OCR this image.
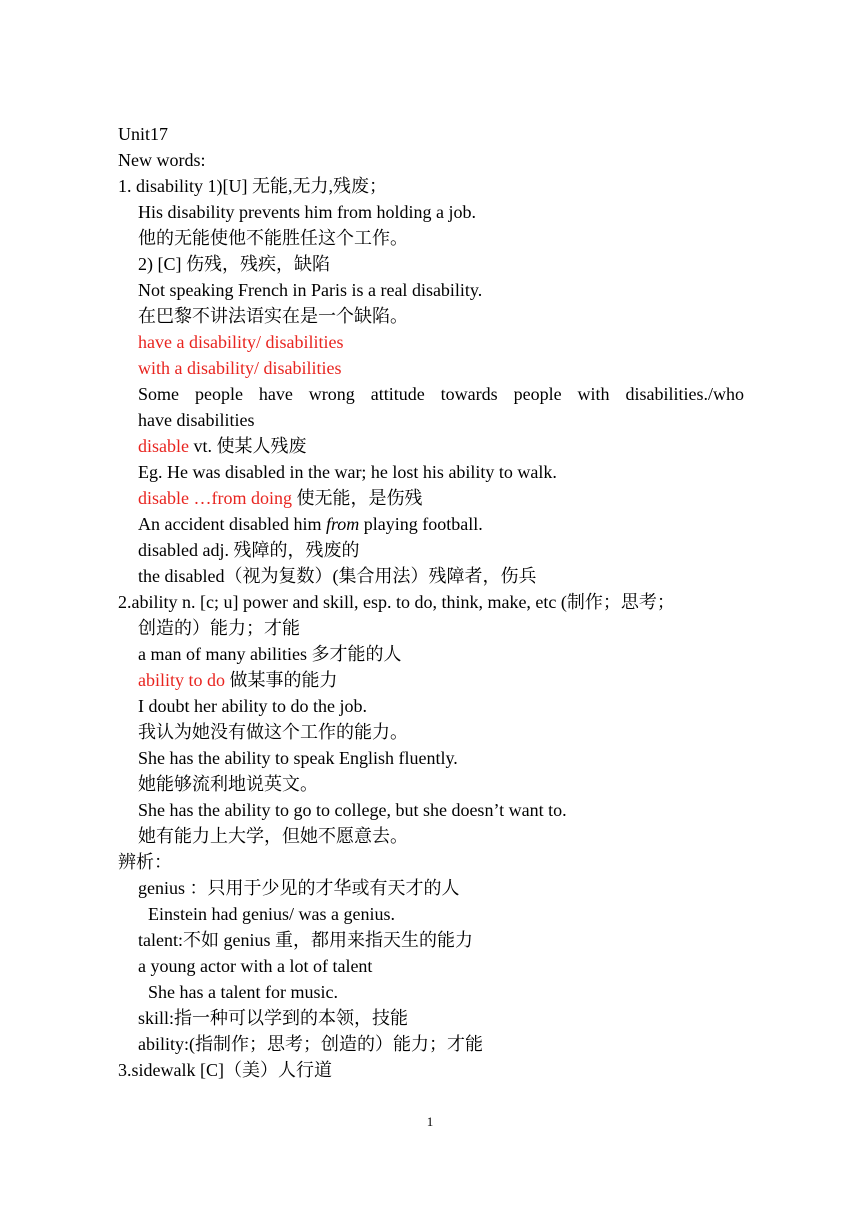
Unit17
New words:
1. disability 1)[U] 无能,无力,残废；
His disability prevents him from holding a job.
他的无能使他不能胜任这个工作。
2) [C] 伤残，残疾，缺陷
Not speaking French in Paris is a real disability.
在巴黎不讲法语实在是一个缺陷。
have a disability/ disabilities
with a disability/ disabilities
Some people have wrong attitude towards people with disabilities./who
have disabilities
disable vt. 使某人残废
Eg. He was disabled in the war; he lost his ability to walk.
disable …from doing 使无能，是伤残
An accident disabled him from playing football.
disabled adj. 残障的，残废的
the disabled（视为复数）(集合用法）残障者，伤兵
2.ability n. [c; u] power and skill, esp. to do, think, make, etc (制作；思考；
创造的）能力；才能
a man of many abilities 多才能的人
ability to do 做某事的能力
I doubt her ability to do the job.
我认为她没有做这个工作的能力。
She has the ability to speak English fluently.
她能够流利地说英文。
She has the ability to go to college, but she doesn’t want to.
她有能力上大学，但她不愿意去。
辨析：
genius ：只用于少见的才华或有天才的人
Einstein had genius/ was a genius.
talent:不如 genius 重，都用来指天生的能力
a young actor with a lot of talent
She has a talent for music.
skill:指一种可以学到的本领，技能
ability:(指制作；思考；创造的）能力；才能
3.sidewalk [C]（美）人行道
1
